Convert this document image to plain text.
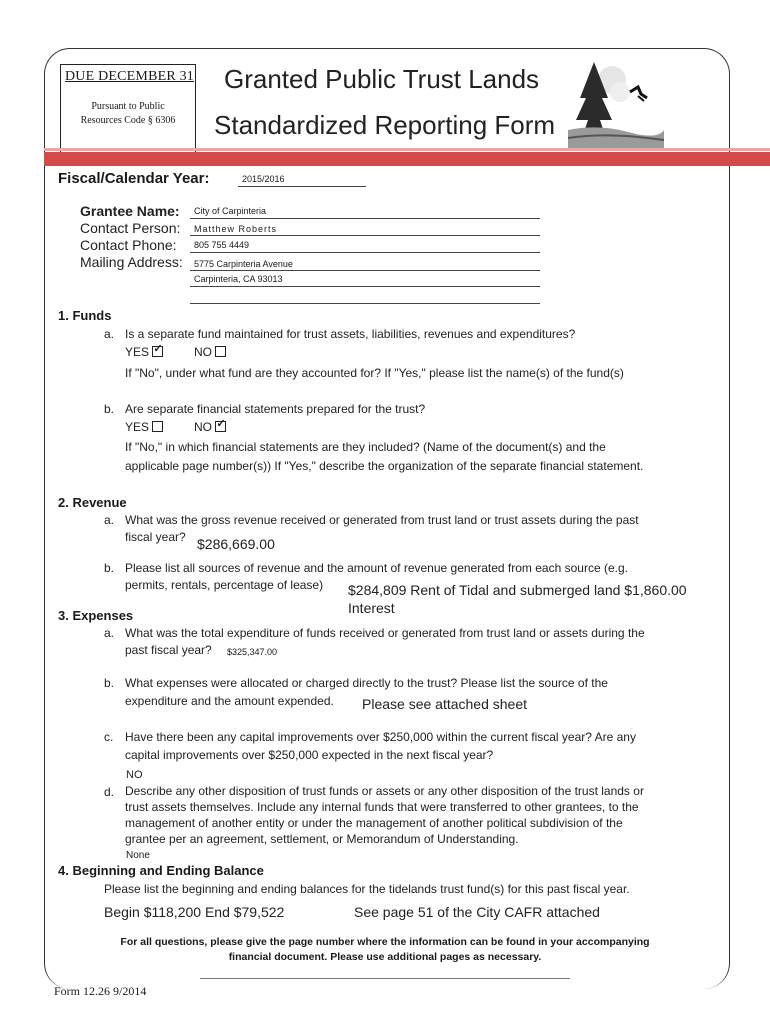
DUE DECEMBER 31
Pursuant to Public
Resources Code § 6306
Granted Public Trust Lands
Standardized Reporting Form
Fiscal/Calendar Year:	2015/2016
Grantee Name: City of Carpinteria
Contact Person: Matthew Roberts
Contact Phone: 805 755 4449
Mailing Address: 5775 Carpinteria Avenue
Carpinteria, CA 93013
1. Funds
a. Is a separate fund maintained for trust assets, liabilities, revenues and expenditures?
YES ✓	NO
If "No", under what fund are they accounted for? If "Yes," please list the name(s) of the fund(s)
b. Are separate financial statements prepared for the trust?
YES	NO ✓
If "No," in which financial statements are they included? (Name of the document(s) and the
applicable page number(s)) If "Yes," describe the organization of the separate financial statement.
2. Revenue
a. What was the gross revenue received or generated from trust land or trust assets during the past
fiscal year? $286,669.00
b. Please list all sources of revenue and the amount of revenue generated from each source (e.g.
permits, rentals, percentage of lease) $284,809 Rent of Tidal and submerged land $1,860.00
Interest
3. Expenses
a. What was the total expenditure of funds received or generated from trust land or assets during the
past fiscal year? $325,347.00
b. What expenses were allocated or charged directly to the trust? Please list the source of the
expenditure and the amount expended. Please see attached sheet
c. Have there been any capital improvements over $250,000 within the current fiscal year? Are any
capital improvements over $250,000 expected in the next fiscal year?
NO
d. Describe any other disposition of trust funds or assets or any other disposition of the trust lands or
trust assets themselves. Include any internal funds that were transferred to other grantees, to the
management of another entity or under the management of another political subdivision of the
grantee per an agreement, settlement, or Memorandum of Understanding.
None
4. Beginning and Ending Balance
Please list the beginning and ending balances for the tidelands trust fund(s) for this past fiscal year.
Begin $118,200 End $79,522	See page 51 of the City CAFR attached
For all questions, please give the page number where the information can be found in your accompanying
financial document. Please use additional pages as necessary.
Form 12.26 9/2014
